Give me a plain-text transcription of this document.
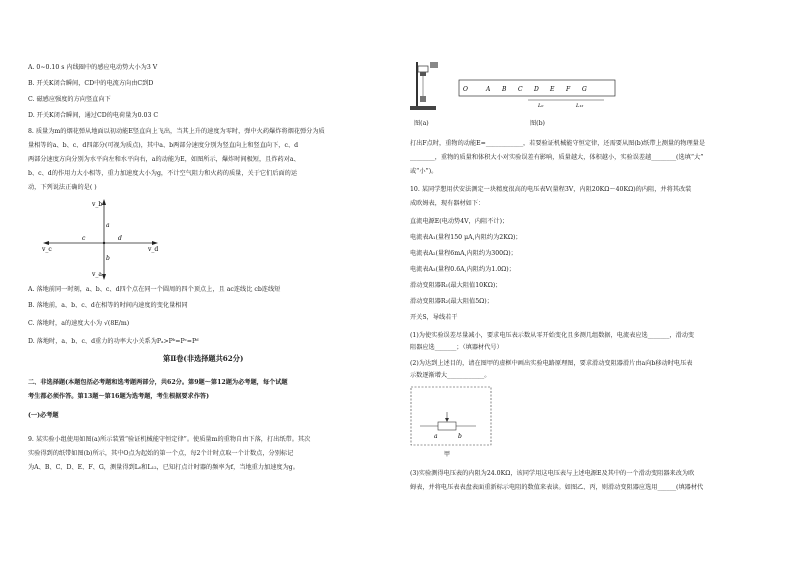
A. 0~0.10 s 内线圈中的感应电动势大小为3 V
B. 开关K闭合瞬间，CD中的电流方向由C到D
C. 磁感应强度的方向竖直向下
D. 开关K闭合瞬间，通过CD的电荷量为0.03 C
8. 质量为m的烟花弹从地面以初动能E竖直向上飞出，当其上升的速度为零时，弹中火药爆炸将烟花弹分为质
量相等的a、b、c、d四部分(可视为质点)，其中a、b两部分速度分别为竖直向上和竖直向下，c、d
两部分速度方向分别为水平向左和水平向右，a的动能为E，如图所示，爆炸时间极短，且炸药对a、
b、c、d的作用力大小相等，重力加速度大小为g，不计空气阻力和火药的质量，关于它们后面的运
动，下列说法正确的是( )
v_b
v_a
v_c	v_d
a
b
c	d
A. 落地前同一时刻，a、b、c、d四个点在同一个圆周的四个顶点上，且 ac连线比 cb连线短
B. 落地前，a、b、c、d在相等的时间内速度的变化量相同
C. 落地时，a的速度大小为 √(8E/m)
D. 落地时，a、b、c、d重力的功率大小关系为Pₐ>Pᵇ=Pᶜ=Pᵈ
第Ⅱ卷(非选择题共62分)
二、非选择题(本题包括必考题和选考题两部分，共62分。第9题～第12题为必考题，每个试题
考生都必须作答。第13题～第16题为选考题，考生根据要求作答)
(一)必考题
9. 某实验小组使用如图(a)所示装置“验证机械能守恒定律”。使质量m的重物自由下落，打出纸带。其次
实验得到的纸带如图(b)所示，其中O点为起始的第一个点，每2个计时点取一个计数点，分别标记
为A、B、C、D、E、F、G，测量得到L₀和L₁₂，已知打点计时器的频率为f，当地重力加速度为g。
图(a)
O	A B C D E F G
L₀	L₁₂
图(b)
打出F点时，重物的动能E=____________，若要验证机械能守恒定律，还需要从图(b)纸带上测量的物理量是
________，重物的质量和体积大小对实验误差有影响，质量越大，体积越小，实验误差越________(选填“大”
或“小”)。
10. 某同学想用伏安法测定一块精度很高的电压表V(量程3V，内阻20KΩ～40KΩ)的内阻，并将其改装
成欧姆表，现有器材如下：
直流电源E(电动势4V，内阻不计)；
电流表A₁(量程150 μA,内阻约为2KΩ)；
电流表A₂(量程6mA,内阻约为300Ω)；
电流表A₃(量程0.6A,内阻约为1.0Ω)；
滑动变阻器R₁(最大阻值10KΩ)；
滑动变阻器R₂(最大阻值5Ω)；
开关S，导线若干
(1)为使实验误差尽量减小，要求电压表示数从零开始变化且多测几组数据，电流表应选_______，滑动变
阻器应选_______；（填器材代号）
(2)为达到上述目的，请在图甲的虚框中画出实验电路原理图，要求滑动变阻器滑片由a向b移动时电压表
示数逐渐增大____________。
a	b
甲
(3)实验测得电压表的内阻为24.0KΩ，该同学用这电压表与上述电源E及其中的一个滑动变阻器来改为欧
姆表，并将电压表表盘表面重新标示电阻的数值来表读。如图乙、丙，则滑动变阻器应选用______(填器材代
